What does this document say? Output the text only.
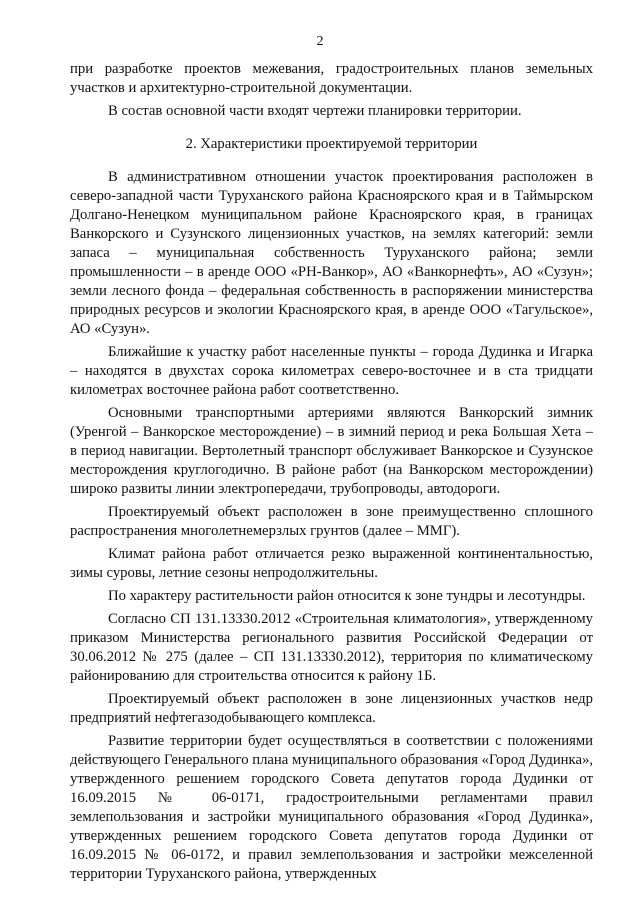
2

при разработке проектов межевания, градостроительных планов земельных участков и архитектурно-строительной документации.

В состав основной части входят чертежи планировки территории.

2. Характеристики проектируемой территории

В административном отношении участок проектирования расположен в северо-западной части Туруханского района Красноярского края и в Таймырском Долгано-Ненецком муниципальном районе Красноярского края, в границах Ванкорского и Сузунского лицензионных участков, на землях категорий: земли запаса – муниципальная собственность Туруханского района; земли промышленности – в аренде ООО «РН-Ванкор», АО «Ванкорнефть», АО «Сузун»; земли лесного фонда – федеральная собственность в распоряжении министерства природных ресурсов и экологии Красноярского края, в аренде ООО «Тагульское», АО «Сузун».

Ближайшие к участку работ населенные пункты – города Дудинка и Игарка – находятся в двухстах сорока километрах северо-восточнее и в ста тридцати километрах восточнее района работ соответственно.

Основными транспортными артериями являются Ванкорский зимник (Уренгой – Ванкорское месторождение) – в зимний период и река Большая Хета – в период навигации. Вертолетный транспорт обслуживает Ванкорское и Сузунское месторождения круглогодично. В районе работ (на Ванкорском месторождении) широко развиты линии электропередачи, трубопроводы, автодороги.

Проектируемый объект расположен в зоне преимущественно сплошного распространения многолетнемерзлых грунтов (далее – ММГ).

Климат района работ отличается резко выраженной континентальностью, зимы суровы, летние сезоны непродолжительны.

По характеру растительности район относится к зоне тундры и лесотундры.

Согласно СП 131.13330.2012 «Строительная климатология», утвержденному приказом Министерства регионального развития Российской Федерации от 30.06.2012 № 275 (далее – СП 131.13330.2012), территория по климатическому районированию для строительства относится к району 1Б.

Проектируемый объект расположен в зоне лицензионных участков недр предприятий нефтегазодобывающего комплекса.

Развитие территории будет осуществляться в соответствии с положениями действующего Генерального плана муниципального образования «Город Дудинка», утвержденного решением городского Совета депутатов города Дудинки от 16.09.2015 № 06-0171, градостроительными регламентами правил землепользования и застройки муниципального образования «Город Дудинка», утвержденных решением городского Совета депутатов города Дудинки от 16.09.2015 № 06-0172, и правил землепользования и застройки межселенной территории Туруханского района, утвержденных
